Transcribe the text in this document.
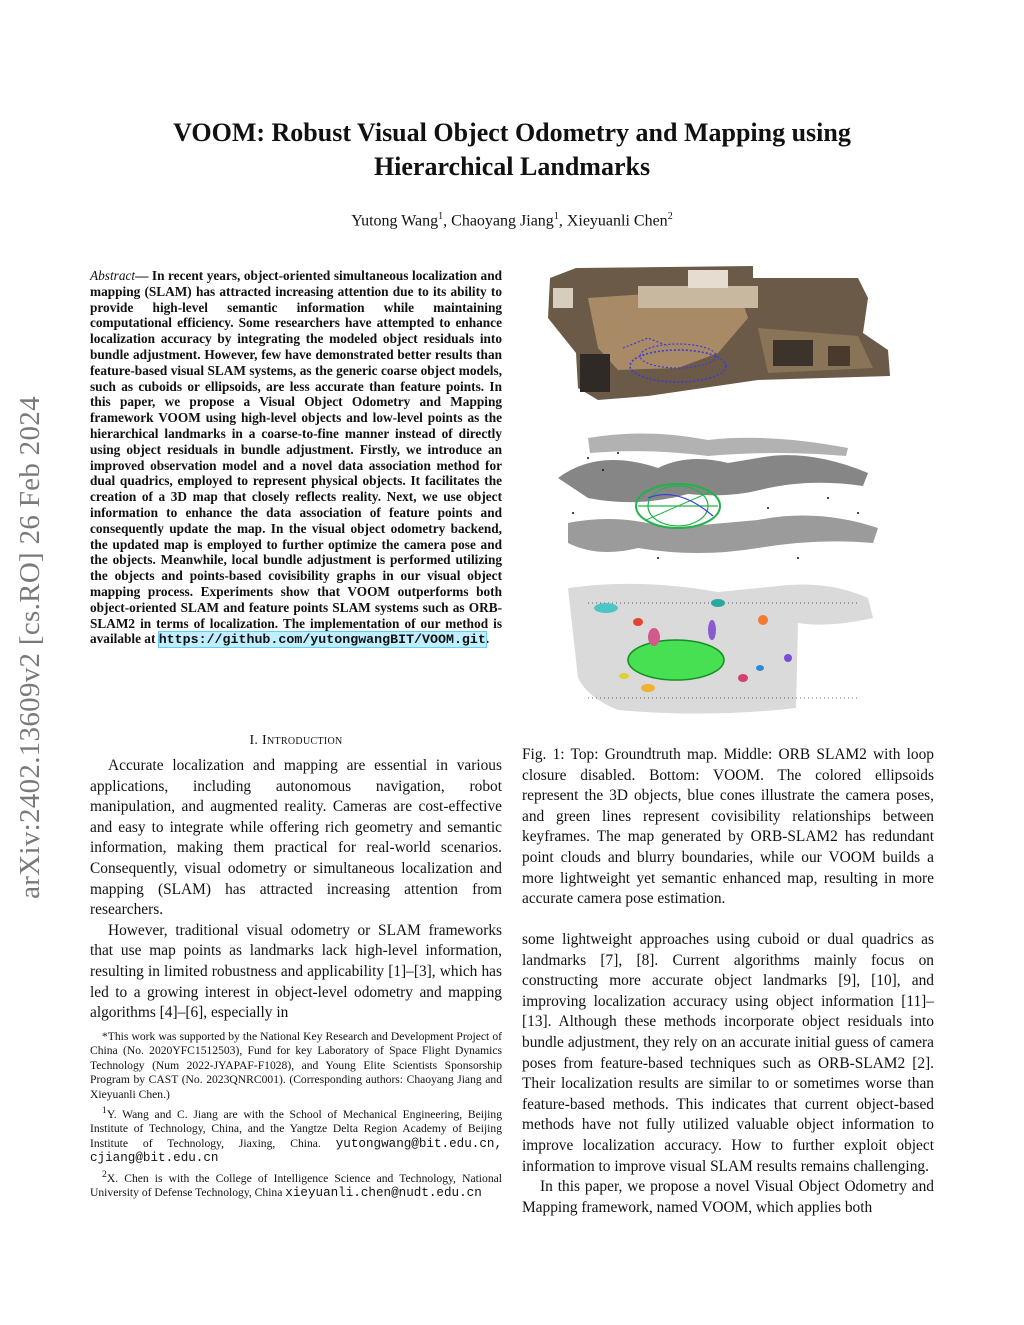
arXiv:2402.13609v2 [cs.RO] 26 Feb 2024
VOOM: Robust Visual Object Odometry and Mapping using Hierarchical Landmarks
Yutong Wang$^1$, Chaoyang Jiang$^1$, Xieyuanli Chen$^2$
Abstract— In recent years, object-oriented simultaneous localization and mapping (SLAM) has attracted increasing attention due to its ability to provide high-level semantic information while maintaining computational efficiency. Some researchers have attempted to enhance localization accuracy by integrating the modeled object residuals into bundle adjustment. However, few have demonstrated better results than feature-based visual SLAM systems, as the generic coarse object models, such as cuboids or ellipsoids, are less accurate than feature points. In this paper, we propose a Visual Object Odometry and Mapping framework VOOM using high-level objects and low-level points as the hierarchical landmarks in a coarse-to-fine manner instead of directly using object residuals in bundle adjustment. Firstly, we introduce an improved observation model and a novel data association method for dual quadrics, employed to represent physical objects. It facilitates the creation of a 3D map that closely reflects reality. Next, we use object information to enhance the data association of feature points and consequently update the map. In the visual object odometry backend, the updated map is employed to further optimize the camera pose and the objects. Meanwhile, local bundle adjustment is performed utilizing the objects and points-based covisibility graphs in our visual object mapping process. Experiments show that VOOM outperforms both object-oriented SLAM and feature points SLAM systems such as ORB-SLAM2 in terms of localization. The implementation of our method is available at https://github.com/yutongwangBIT/VOOM.git.
I. Introduction

Accurate localization and mapping are essential in various applications, including autonomous navigation, robot manipulation, and augmented reality. Cameras are cost-effective and easy to integrate while offering rich geometry and semantic information, making them practical for real-world scenarios. Consequently, visual odometry or simultaneous localization and mapping (SLAM) has attracted increasing attention from researchers.

However, traditional visual odometry or SLAM frameworks that use map points as landmarks lack high-level information, resulting in limited robustness and applicability [1]–[3], which has led to a growing interest in object-level odometry and mapping algorithms [4]–[6], especially in

*This work was supported by the National Key Research and Development Project of China (No. 2020YFC1512503), Fund for key Laboratory of Space Flight Dynamics Technology (Num 2022-JYAPAF-F1028), and Young Elite Scientists Sponsorship Program by CAST (No. 2023QNRC001). (Corresponding authors: Chaoyang Jiang and Xieyuanli Chen.)

$^1$Y. Wang and C. Jiang are with the School of Mechanical Engineering, Beijing Institute of Technology, China, and the Yangtze Delta Region Academy of Beijing Institute of Technology, Jiaxing, China. yutongwang@bit.edu.cn, cjiang@bit.edu.cn

$^2$X. Chen is with the College of Intelligence Science and Technology, National University of Defense Technology, China xieyuanli.chen@nudt.edu.cn

Fig. 1: Top: Groundtruth map. Middle: ORB SLAM2 with loop closure disabled. Bottom: VOOM. The colored ellipsoids represent the 3D objects, blue cones illustrate the camera poses, and green lines represent covisibility relationships between keyframes. The map generated by ORB-SLAM2 has redundant point clouds and blurry boundaries, while our VOOM builds a more lightweight yet semantic enhanced map, resulting in more accurate camera pose estimation.

some lightweight approaches using cuboid or dual quadrics as landmarks [7], [8]. Current algorithms mainly focus on constructing more accurate object landmarks [9], [10], and improving localization accuracy using object information [11]–[13]. Although these methods incorporate object residuals into bundle adjustment, they rely on an accurate initial guess of camera poses from feature-based techniques such as ORB-SLAM2 [2]. Their localization results are similar to or sometimes worse than feature-based methods. This indicates that current object-based methods have not fully utilized valuable object information to improve localization accuracy. How to further exploit object information to improve visual SLAM results remains challenging.

In this paper, we propose a novel Visual Object Odometry and Mapping framework, named VOOM, which applies both
